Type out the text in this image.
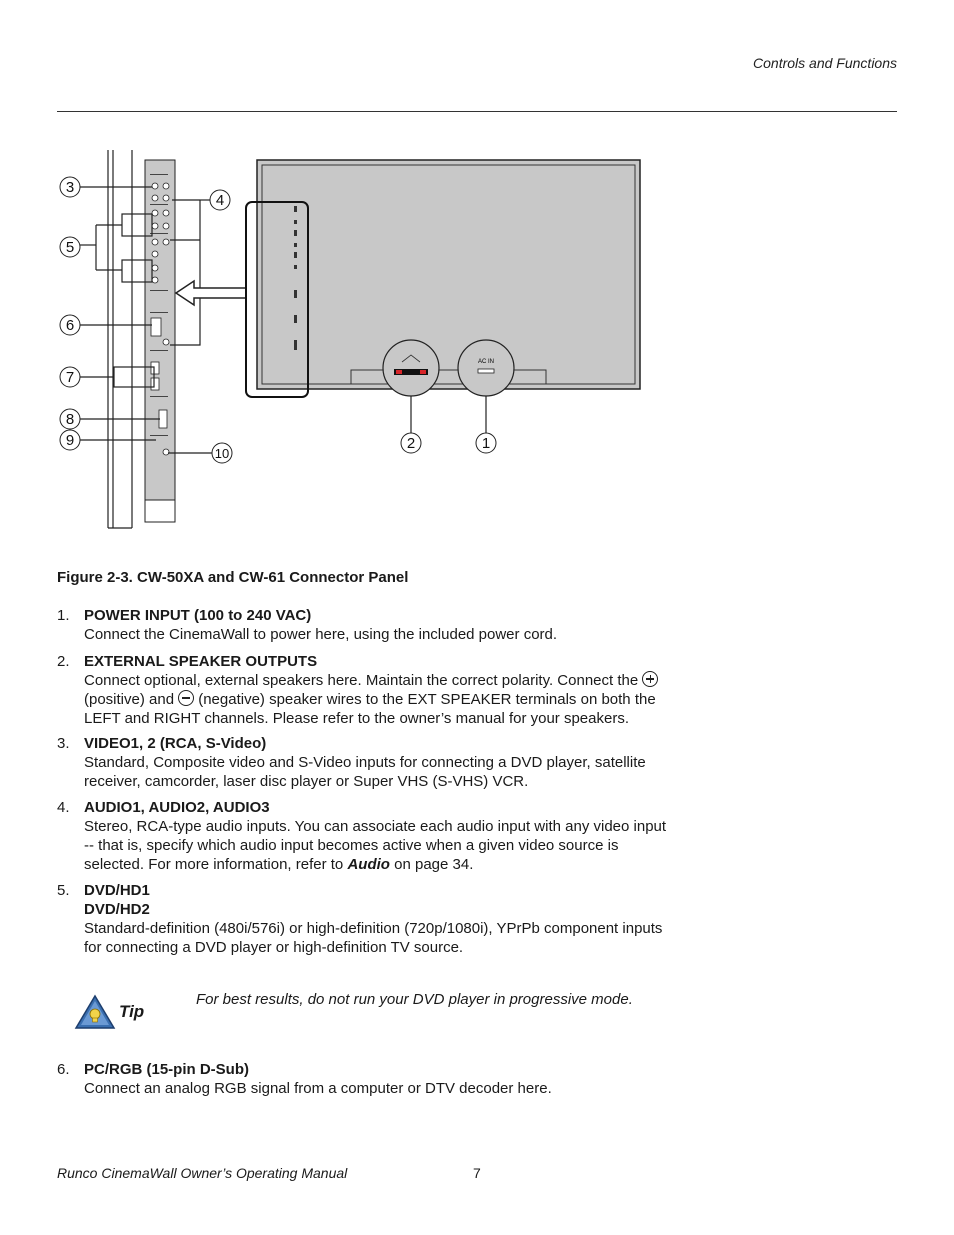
Controls and Functions
AC IN
3
4
5
6
7
8
9
10
2	1
Figure 2-3. CW-50XA and CW-61 Connector Panel
1. POWER INPUT (100 to 240 VAC)
Connect the CinemaWall to power here, using the included power cord.
2. EXTERNAL SPEAKER OUTPUTS
Connect optional, external speakers here. Maintain the correct polarity. Connect the (positive) and (negative) speaker wires to the EXT SPEAKER terminals on both the LEFT and RIGHT channels. Please refer to the owner’s manual for your speakers.
3. VIDEO1, 2 (RCA, S-Video)
Standard, Composite video and S-Video inputs for connecting a DVD player, satellite receiver, camcorder, laser disc player or Super VHS (S-VHS) VCR.
4. AUDIO1, AUDIO2, AUDIO3
Stereo, RCA-type audio inputs. You can associate each audio input with any video input -- that is, specify which audio input becomes active when a given video source is selected. For more information, refer to Audio on page 34.
5. DVD/HD1
DVD/HD2
Standard-definition (480i/576i) or high-definition (720p/1080i), YPrPb component inputs for connecting a DVD player or high-definition TV source.
Tip
For best results, do not run your DVD player in progressive mode.
6. PC/RGB (15-pin D-Sub)
Connect an analog RGB signal from a computer or DTV decoder here.
Runco CinemaWall Owner’s Operating Manual	7
